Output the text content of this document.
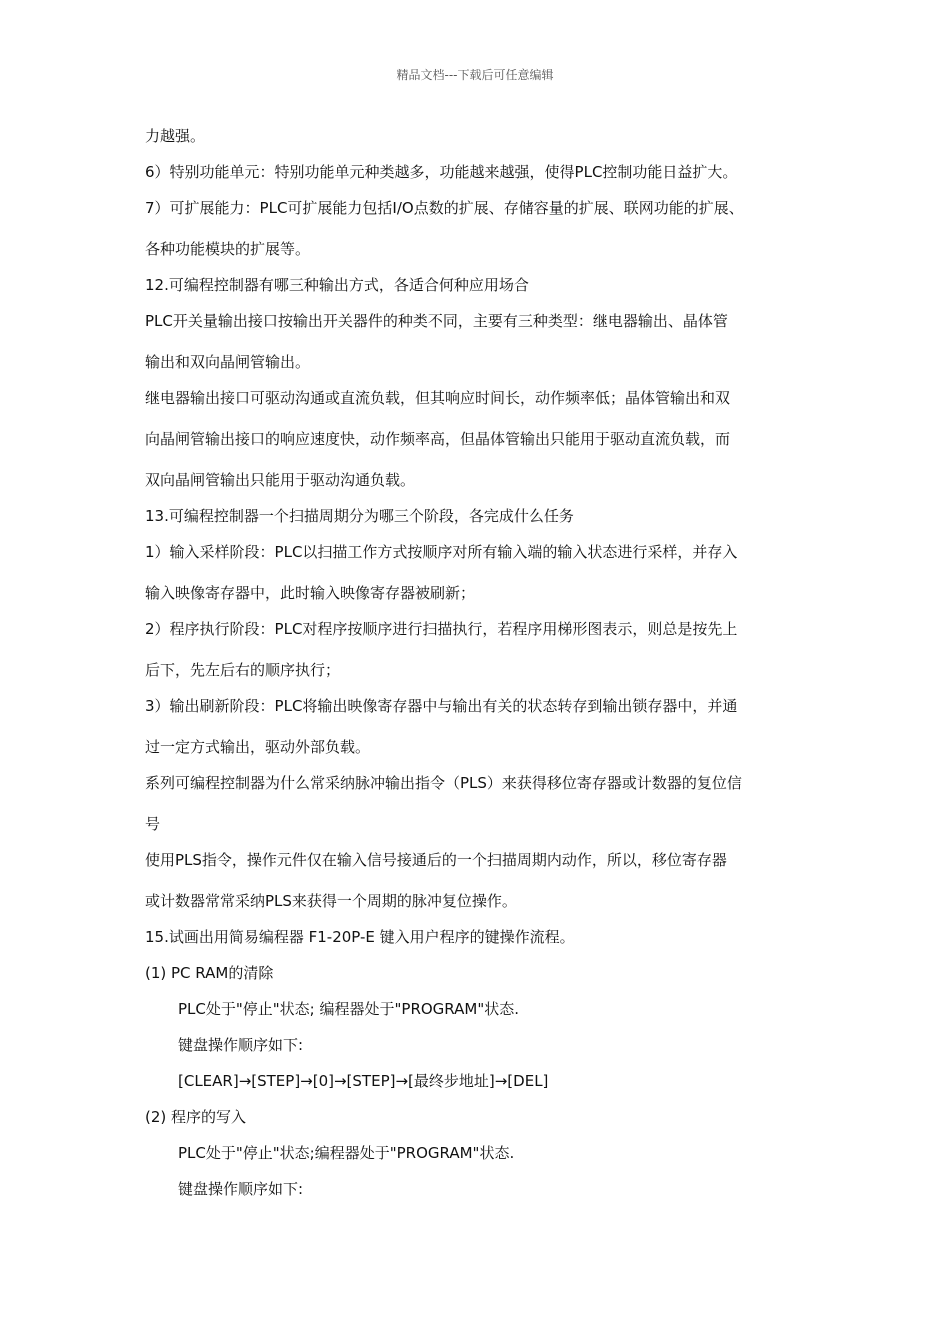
精品文档---下载后可任意编辑
力越强。
6）特别功能单元：特别功能单元种类越多，功能越来越强，使得PLC控制功能日益扩大。
7）可扩展能力：PLC可扩展能力包括I/O点数的扩展、存储容量的扩展、联网功能的扩展、
各种功能模块的扩展等。
12.可编程控制器有哪三种输出方式，各适合何种应用场合
PLC开关量输出接口按输出开关器件的种类不同，主要有三种类型：继电器输出、晶体管
输出和双向晶闸管输出。
继电器输出接口可驱动沟通或直流负载，但其响应时间长，动作频率低；晶体管输出和双
向晶闸管输出接口的响应速度快，动作频率高，但晶体管输出只能用于驱动直流负载，而
双向晶闸管输出只能用于驱动沟通负载。
13.可编程控制器一个扫描周期分为哪三个阶段，各完成什么任务
1）输入采样阶段：PLC以扫描工作方式按顺序对所有输入端的输入状态进行采样，并存入
输入映像寄存器中，此时输入映像寄存器被刷新；
2）程序执行阶段：PLC对程序按顺序进行扫描执行，若程序用梯形图表示，则总是按先上
后下，先左后右的顺序执行；
3）输出刷新阶段：PLC将输出映像寄存器中与输出有关的状态转存到输出锁存器中，并通
过一定方式输出，驱动外部负载。
系列可编程控制器为什么常采纳脉冲输出指令（PLS）来获得移位寄存器或计数器的复位信
号
使用PLS指令，操作元件仅在输入信号接通后的一个扫描周期内动作，所以，移位寄存器
或计数器常常采纳PLS来获得一个周期的脉冲复位操作。
15.试画出用简易编程器 F1-20P-E 键入用户程序的键操作流程。
(1) PC RAM的清除
PLC处于"停止"状态; 编程器处于"PROGRAM"状态.
键盘操作顺序如下:
[CLEAR]→[STEP]→[0]→[STEP]→[最终步地址]→[DEL]
(2) 程序的写入
PLC处于"停止"状态;编程器处于"PROGRAM"状态.
键盘操作顺序如下:
